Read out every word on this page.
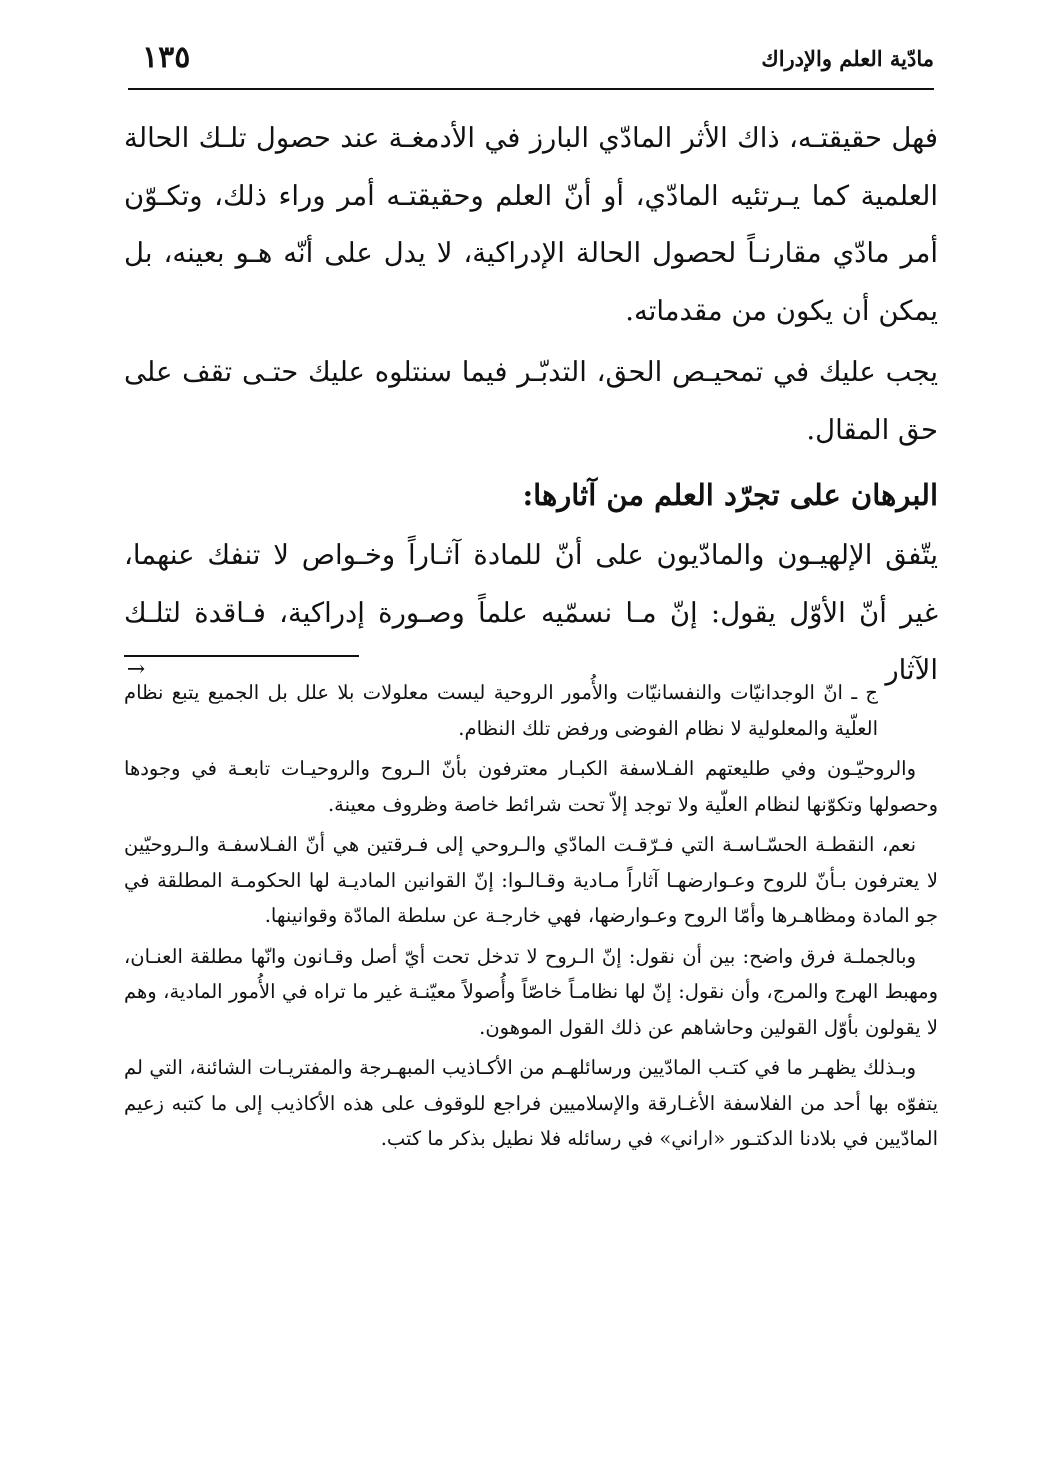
مادّية العلم والإدراك
١٣٥

فهل حقيقتـه، ذاك الأثر المادّي البارز في الأدمغـة عند حصول تلـك الحالة العلمية كما يـرتئيه المادّي، أو أنّ العلم وحقيقتـه أمر وراء ذلك، وتكـوّن أمر مادّي مقارنـاً لحصول الحالة الإدراكية، لا يدل على أنّه هـو بعينه، بل يمكن أن يكون من مقدماته.

يجب عليك في تمحيـص الحق، التدبّـر فيما سنتلوه عليك حتـى تقف على حق المقال.

البرهان على تجرّد العلم من آثارها:

يتّفق الإلهيـون والمادّيون على أنّ للمادة آثـاراً وخـواص لا تنفك عنهما، غير أنّ الأوّل يقول: إنّ مـا نسمّيه علماً وصـورة إدراكية، فـاقدة لتلـك الآثار

→

ج ـ انّ الوجدانيّات والنفسانيّات والأُمور الروحية ليست معلولات بلا علل بل الجميع يتبع نظام العلّية والمعلولية لا نظام الفوضى ورفض تلك النظام.

والروحيّـون وفي طليعتهم الفـلاسفة الكبـار معترفون بأنّ الـروح والروحيـات تابعـة في وجودها وحصولها وتكوّنها لنظام العلّية ولا توجد إلاّ تحت شرائط خاصة وظروف معينة.

نعم، النقطـة الحسّـاسـة التي فـرّقـت المادّي والـروحي إلى فـرقتين هي أنّ الفـلاسفـة والـروحيّين لا يعترفون بـأنّ للروح وعـوارضهـا آثاراً مـادية وقـالـوا: إنّ القوانين الماديـة لها الحكومـة المطلقة في جو المادة ومظاهـرها وأمّا الروح وعـوارضها، فهي خارجـة عن سلطة المادّة وقوانينها.

وبالجملـة فرق واضح: بين أن نقول: إنّ الـروح لا تدخل تحت أيّ أصل وقـانون وانّها مطلقة العنـان، ومهبط الهرج والمرج، وأن نقول: إنّ لها نظامـاً خاصّاً وأُصولاً معيّنـة غير ما تراه في الأُمور المادية، وهم لا يقولون بأوّل القولين وحاشاهم عن ذلك القول الموهون.

وبـذلك يظهـر ما في كتـب المادّيين ورسائلهـم من الأكـاذيب المبهـرجة والمفتريـات الشائنة، التي لم يتفوّه بها أحد من الفلاسفة الأغـارقة والإسلاميين فراجع للوقوف على هذه الأكاذيب إلى ما كتبه زعيم المادّيين في بلادنا الدكتـور «اراني» في رسائله فلا نطيل بذكر ما كتب.
